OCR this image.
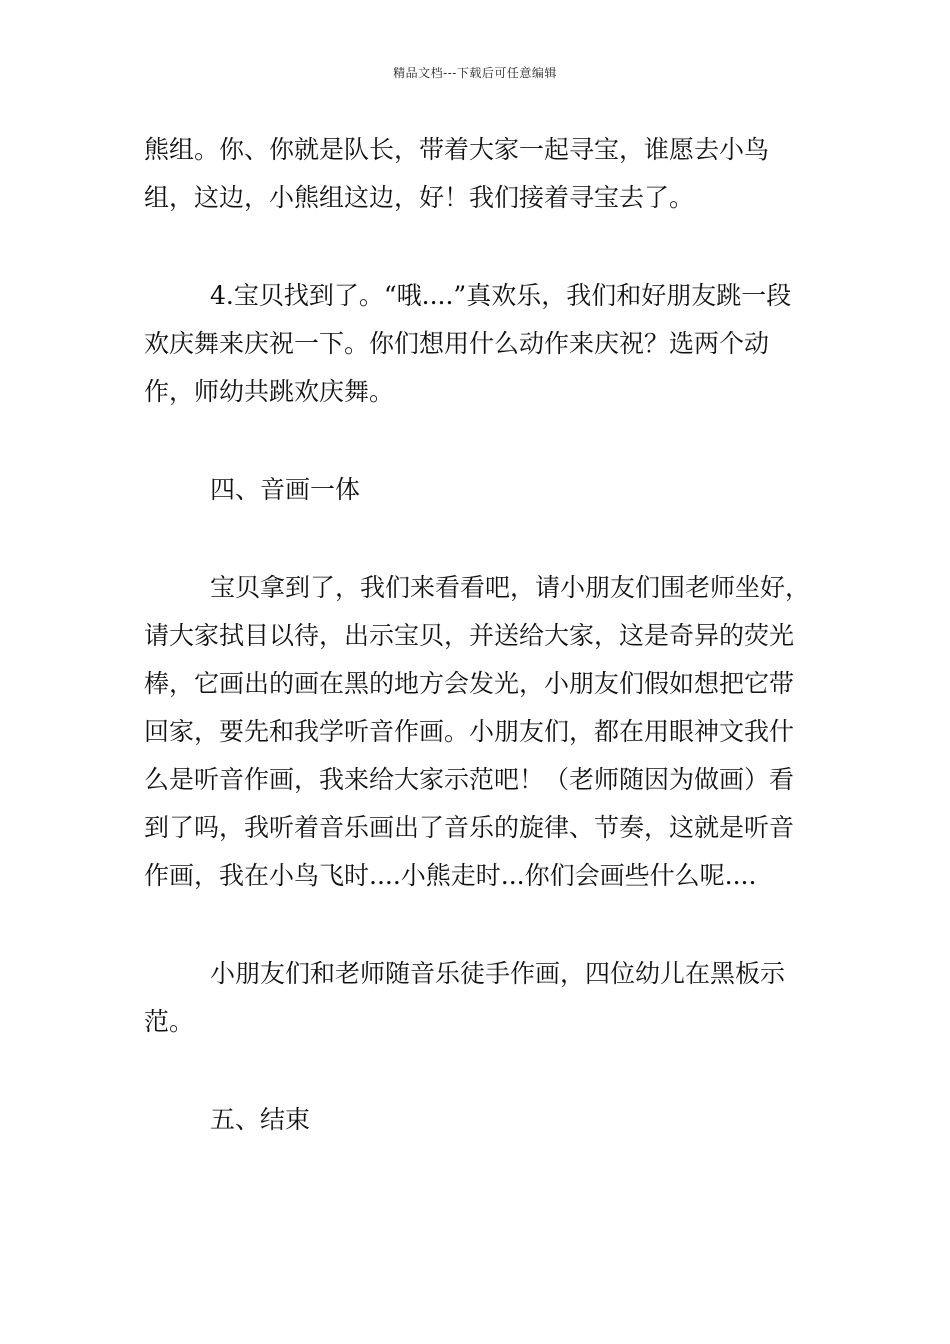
精品文档---下载后可任意编辑

熊组。你、你就是队长，带着大家一起寻宝，谁愿去小鸟组，这边，小熊组这边，好！我们接着寻宝去了。

4.宝贝找到了。“哦....”真欢乐，我们和好朋友跳一段欢庆舞来庆祝一下。你们想用什么动作来庆祝？选两个动作，师幼共跳欢庆舞。

四、音画一体

宝贝拿到了，我们来看看吧，请小朋友们围老师坐好，请大家拭目以待，出示宝贝，并送给大家，这是奇异的荧光棒，它画出的画在黑的地方会发光，小朋友们假如想把它带回家，要先和我学听音作画。小朋友们，都在用眼神文我什么是听音作画，我来给大家示范吧！（老师随因为做画）看到了吗，我听着音乐画出了音乐的旋律、节奏，这就是听音作画，我在小鸟飞时....小熊走时...你们会画些什么呢....

小朋友们和老师随音乐徒手作画，四位幼儿在黑板示范。

五、结束
